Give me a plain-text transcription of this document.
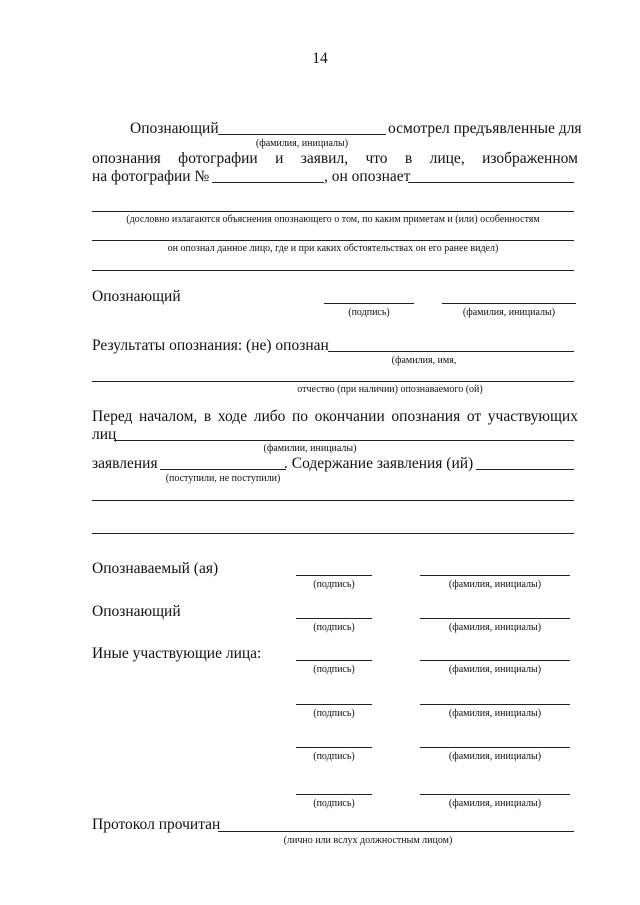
14
Опознающий
(фамилия, инициалы)
осмотрел предъявленные для
опознания фотографии и заявил, что в лице, изображенном
на фотографии №	, он опознает
(дословно излагаются объяснения опознающего о том, по каким приметам и (или) особенностям
он опознал данное лицо, где и при каких обстоятельствах он его ранее видел)
Опознающий
(подпись)	(фамилия, инициалы)
Результаты опознания: (не) опознан
(фамилия, имя,
отчество (при наличии) опознаваемого (ой)
Перед началом, в ходе либо по окончании опознания от участвующих
лиц
(фамилии, инициалы)
заявления
(поступили, не поступили)
. Содержание заявления (ий)
Опознаваемый (ая)
(подпись)	(фамилия, инициалы)
Опознающий
(подпись)	(фамилия, инициалы)
Иные участвующие лица:
(подпись)	(фамилия, инициалы)
(подпись)	(фамилия, инициалы)
(подпись)	(фамилия, инициалы)
(подпись)	(фамилия, инициалы)
Протокол прочитан
(лично или вслух должностным лицом)
